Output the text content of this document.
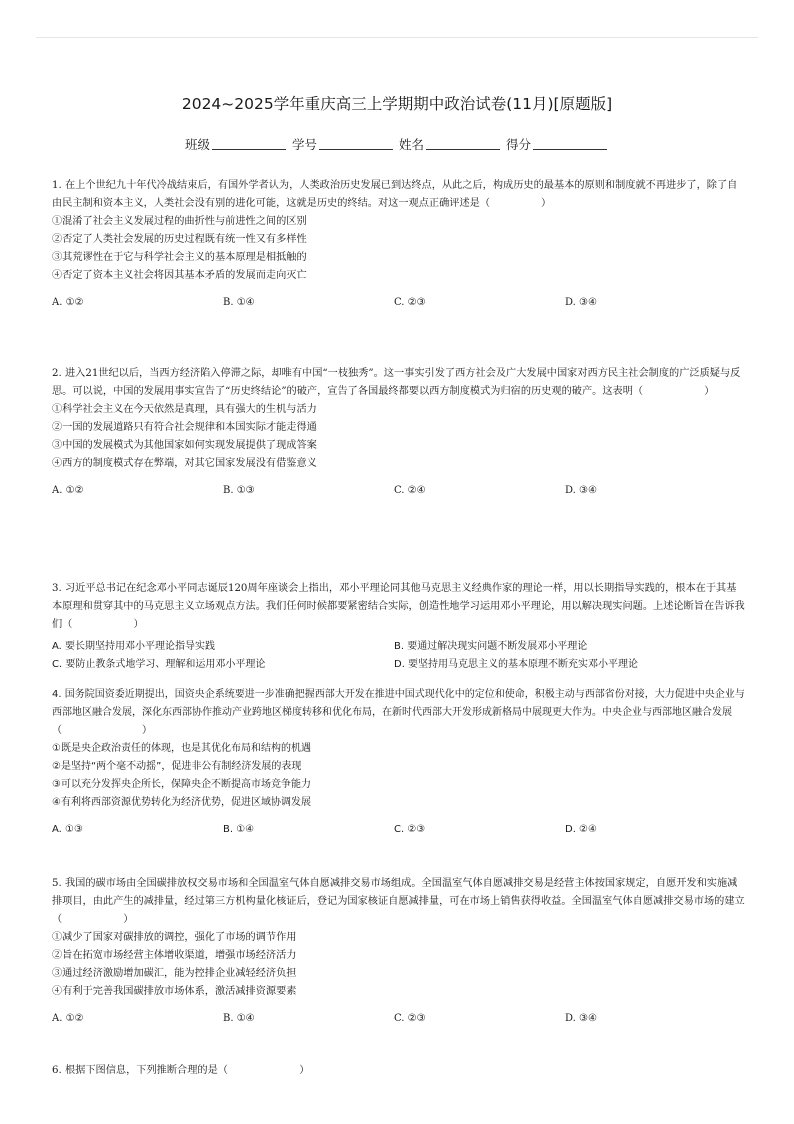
2024~2025学年重庆高三上学期期中政治试卷(11月)[原题版]
班级	学号	姓名	得分

1. 在上个世纪九十年代冷战结束后，有国外学者认为，人类政治历史发展已到达终点，从此之后，构成历史的最基本的原则和制度就不再进步了，除了自由民主制和资本主义，人类社会没有别的进化可能，这就是历史的终结。对这一观点正确评述是（　　　　　）

①混淆了社会主义发展过程的曲折性与前进性之间的区别

②否定了人类社会发展的历史过程既有统一性又有多样性

③其荒谬性在于它与科学社会主义的基本原理是相抵触的

④否定了资本主义社会将因其基本矛盾的发展而走向灭亡

A. ①②	B. ①④	C. ②③	D. ③④

2. 进入21世纪以后，当西方经济陷入停滞之际，却唯有中国“一枝独秀”。这一事实引发了西方社会及广大发展中国家对西方民主社会制度的广泛质疑与反思。可以说，中国的发展用事实宣告了“历史终结论”的破产，宣告了各国最终都要以西方制度模式为归宿的历史观的破产。这表明（　　　　　　）

①科学社会主义在今天依然是真理，具有强大的生机与活力

②一国的发展道路只有符合社会规律和本国实际才能走得通

③中国的发展模式为其他国家如何实现发展提供了现成答案

④西方的制度模式存在弊端，对其它国家发展没有借鉴意义

A. ①②	B. ①③	C. ②④	D. ③④

3. 习近平总书记在纪念邓小平同志诞辰120周年座谈会上指出，邓小平理论同其他马克思主义经典作家的理论一样，用以长期指导实践的，根本在于其基本原理和贯穿其中的马克思主义立场观点方法。我们任何时候都要紧密结合实际，创造性地学习运用邓小平理论，用以解决现实问题。上述论断旨在告诉我们（　　　　　　）

A. 要长期坚持用邓小平理论指导实践	B. 要通过解决现实问题不断发展邓小平理论
C. 要防止教条式地学习、理解和运用邓小平理论	D. 要坚持用马克思主义的基本原理不断充实邓小平理论

4. 国务院国资委近期提出，国资央企系统要进一步准确把握西部大开发在推进中国式现代化中的定位和使命，积极主动与西部省份对接，大力促进中央企业与西部地区融合发展，深化东西部协作推动产业跨地区梯度转移和优化布局，在新时代西部大开发形成新格局中展现更大作为。中央企业与西部地区融合发展（　　　　　　　　）

①既是央企政治责任的体现，也是其优化布局和结构的机遇

②是坚持“两个毫不动摇”，促进非公有制经济发展的表现

③可以充分发挥央企所长，保障央企不断提高市场竞争能力

④有利将西部资源优势转化为经济优势，促进区域协调发展

A. ①③	B. ①④	C. ②③	D. ②④

5. 我国的碳市场由全国碳排放权交易市场和全国温室气体自愿减排交易市场组成。全国温室气体自愿减排交易是经营主体按国家规定，自愿开发和实施减排项目，由此产生的减排量，经过第三方机构量化核证后，登记为国家核证自愿减排量，可在市场上销售获得收益。全国温室气体自愿减排交易市场的建立（　　　　　　）

①减少了国家对碳排放的调控，强化了市场的调节作用

②旨在拓宽市场经营主体增收渠道，增强市场经济活力

③通过经济激励增加碳汇，能为控排企业减轻经济负担

④有利于完善我国碳排放市场体系，激活减排资源要素

A. ①②	B. ①④	C. ②③	D. ③④

6. 根据下图信息，下列推断合理的是（　　　　　　　）
